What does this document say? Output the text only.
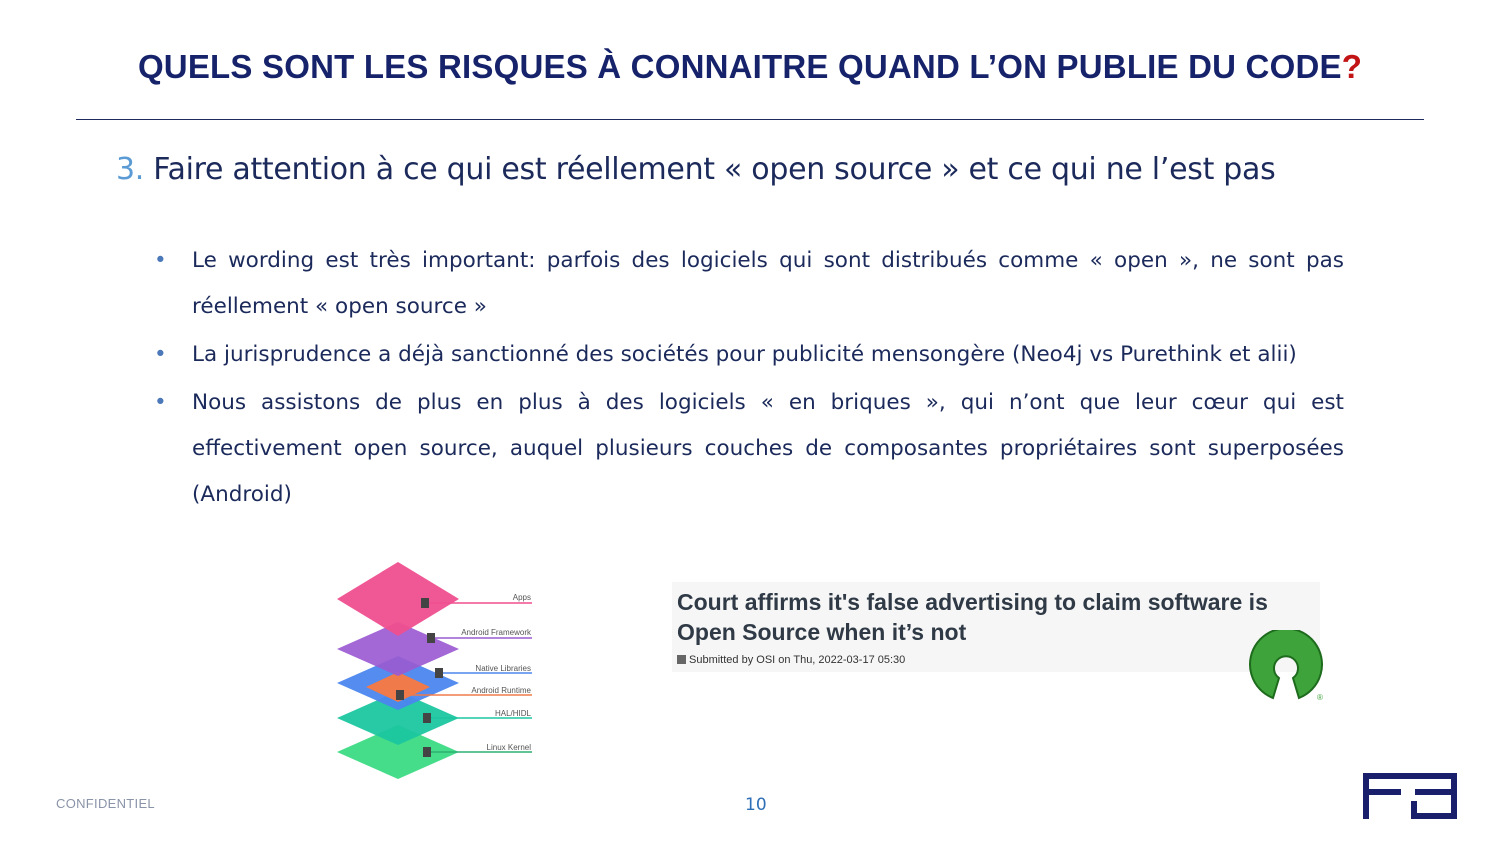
QUELS SONT LES RISQUES À CONNAITRE QUAND L’ON PUBLIE DU CODE?
3. Faire attention à ce qui est réellement « open source » et ce qui ne l’est pas
• Le wording est très important: parfois des logiciels qui sont distribués comme « open », ne sont pas réellement « open source »
• La jurisprudence a déjà sanctionné des sociétés pour publicité mensongère (Neo4j vs Purethink et alii)
• Nous assistons de plus en plus à des logiciels « en briques », qui n’ont que leur cœur qui est effectivement open source, auquel plusieurs couches de composantes propriétaires sont superposées (Android)
Apps
Android Framework
Native Libraries
Android Runtime
HAL/HIDL
Linux Kernel
Court affirms it's false advertising to claim software is Open Source when it’s not
Submitted by OSI on Thu, 2022-03-17 05:30
®
CONFIDENTIEL	10
